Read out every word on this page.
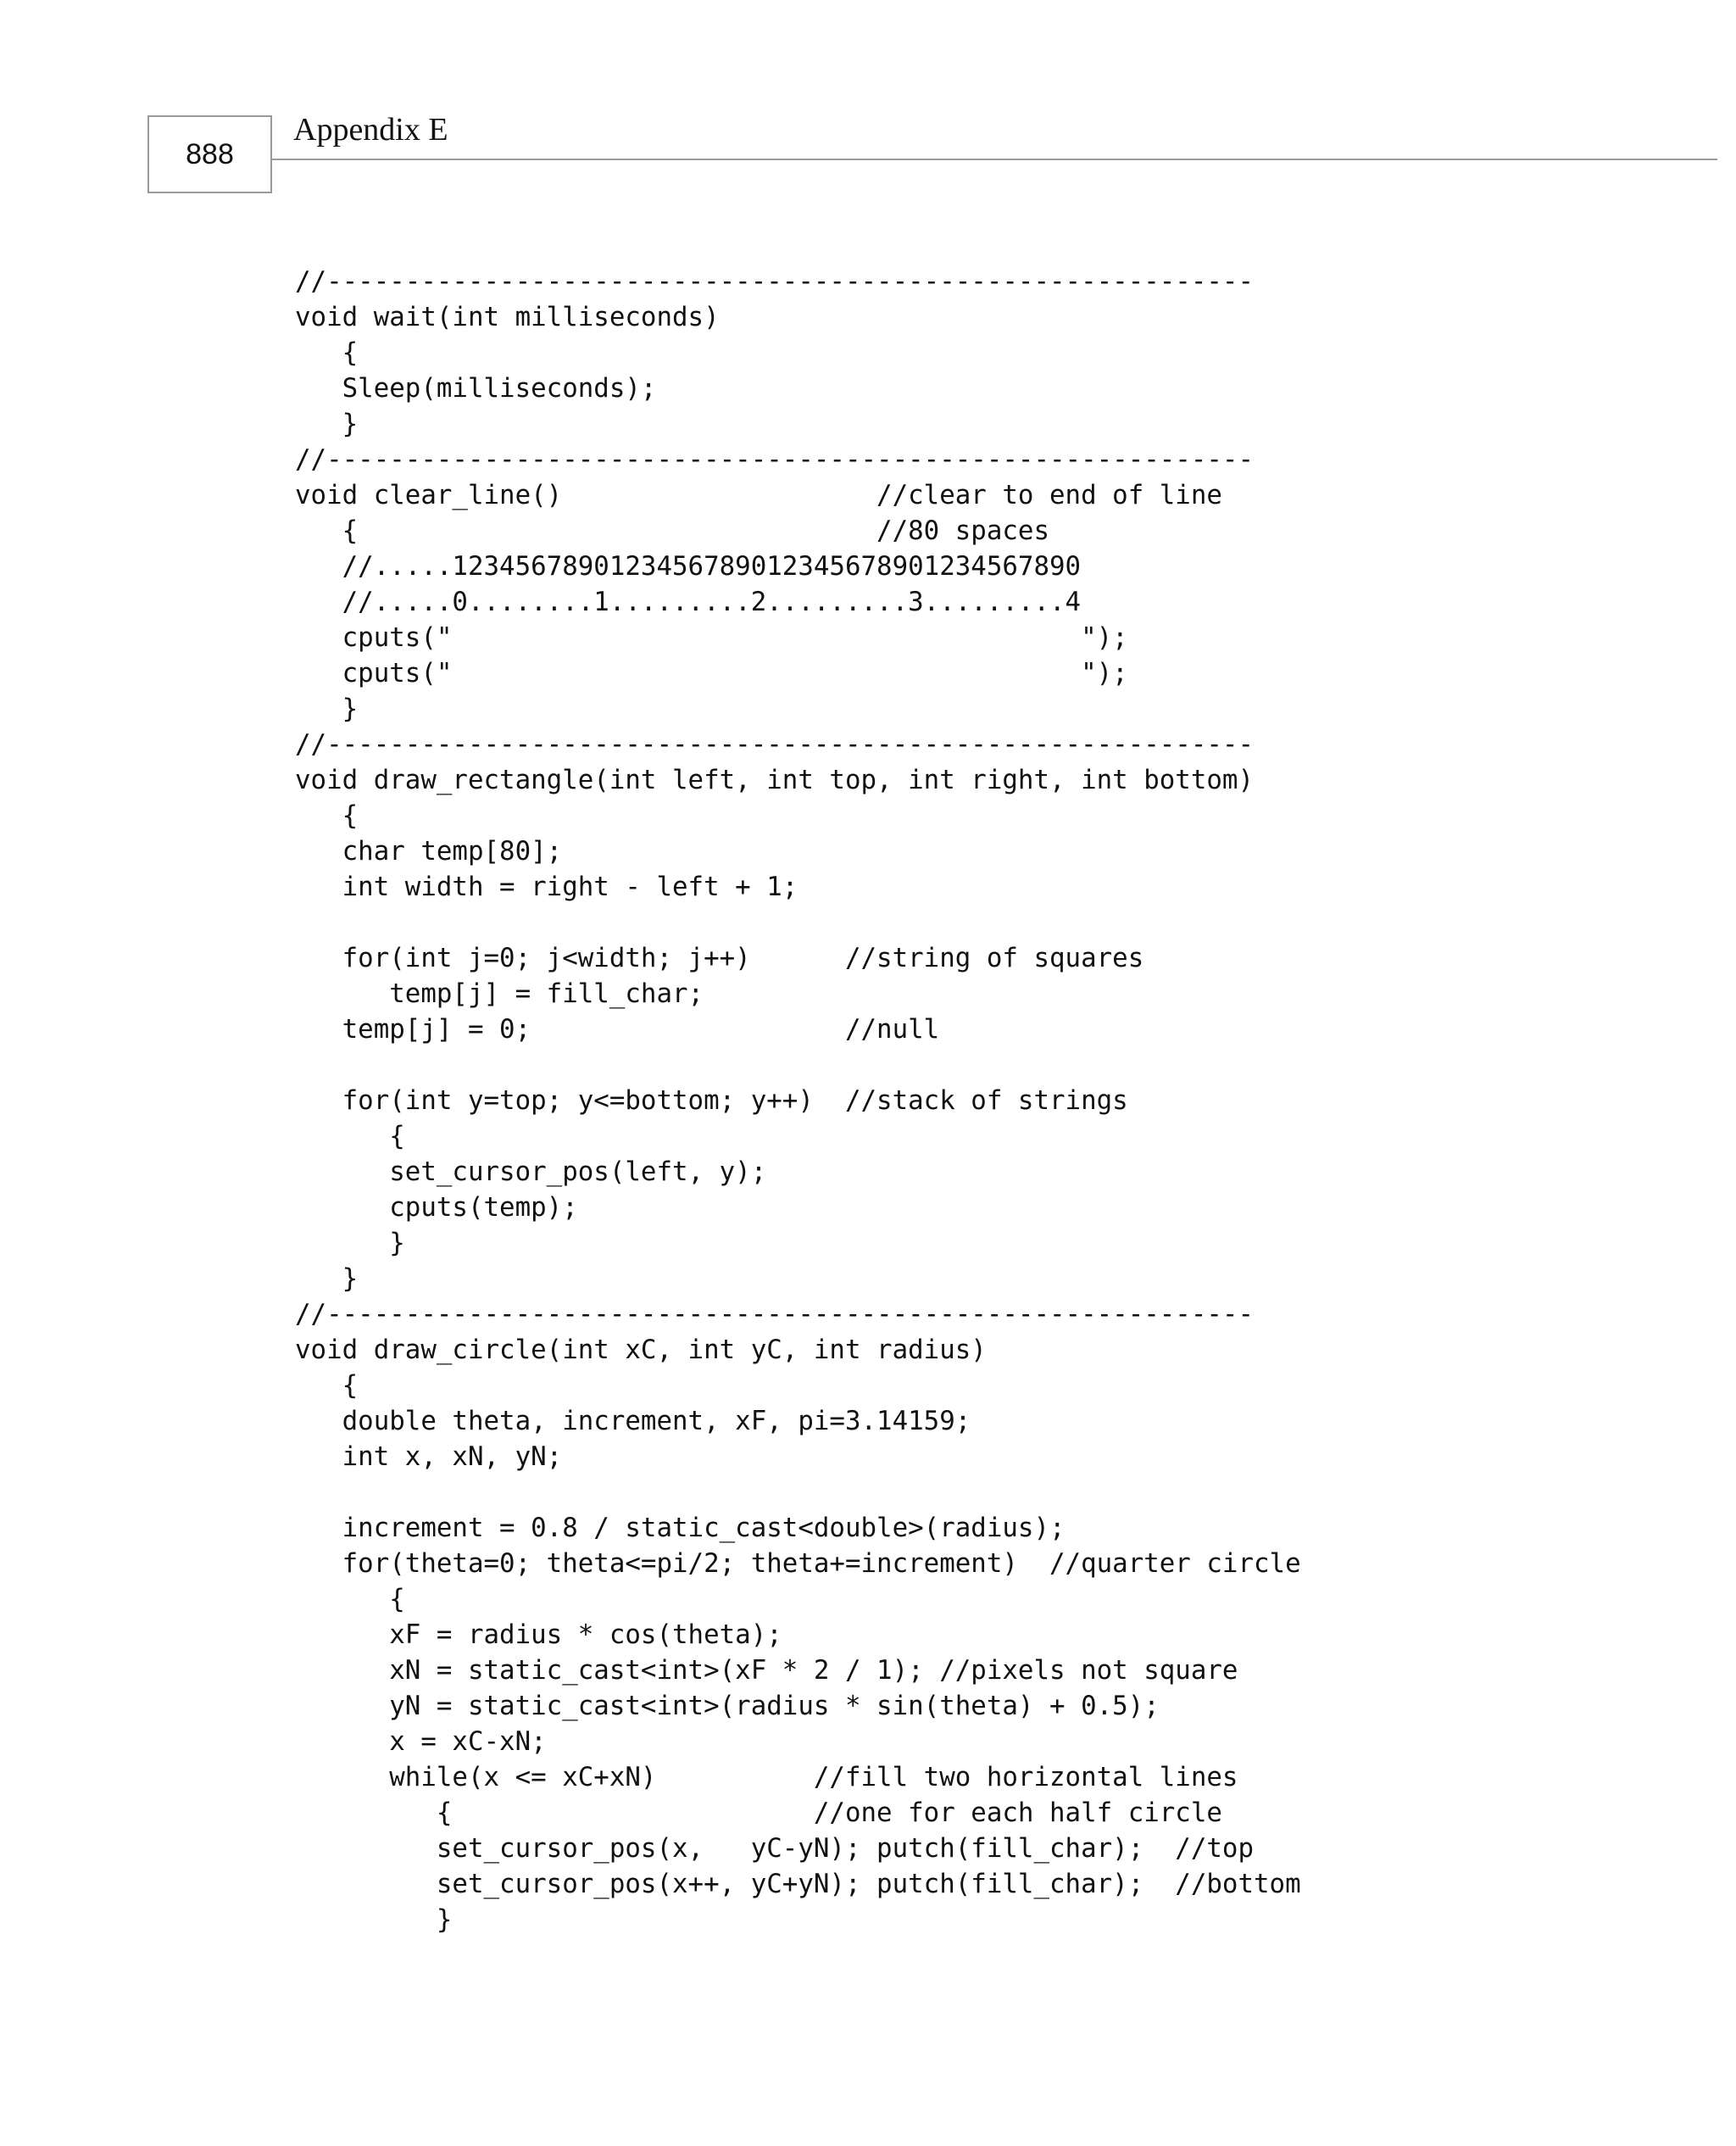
888
Appendix E
//-----------------------------------------------------------
void wait(int milliseconds)
{
Sleep(milliseconds);
}
//-----------------------------------------------------------
void clear_line()                    //clear to end of line
{                                 //80 spaces
//.....1234567890123456789012345678901234567890
//.....0........1.........2.........3.........4
cputs("                                        ");
cputs("                                        ");
}
//-----------------------------------------------------------
void draw_rectangle(int left, int top, int right, int bottom)
{
char temp[80];
int width = right - left + 1;
for(int j=0; j<width; j++)      //string of squares
temp[j] = fill_char;
temp[j] = 0;                    //null
for(int y=top; y<=bottom; y++)  //stack of strings
{
set_cursor_pos(left, y);
cputs(temp);
}
}
//-----------------------------------------------------------
void draw_circle(int xC, int yC, int radius)
{
double theta, increment, xF, pi=3.14159;
int x, xN, yN;
increment = 0.8 / static_cast<double>(radius);
for(theta=0; theta<=pi/2; theta+=increment)  //quarter circle
{
xF = radius * cos(theta);
xN = static_cast<int>(xF * 2 / 1); //pixels not square
yN = static_cast<int>(radius * sin(theta) + 0.5);
x = xC-xN;
while(x <= xC+xN)          //fill two horizontal lines
{                       //one for each half circle
set_cursor_pos(x,   yC-yN); putch(fill_char);  //top
set_cursor_pos(x++, yC+yN); putch(fill_char);  //bottom
}
